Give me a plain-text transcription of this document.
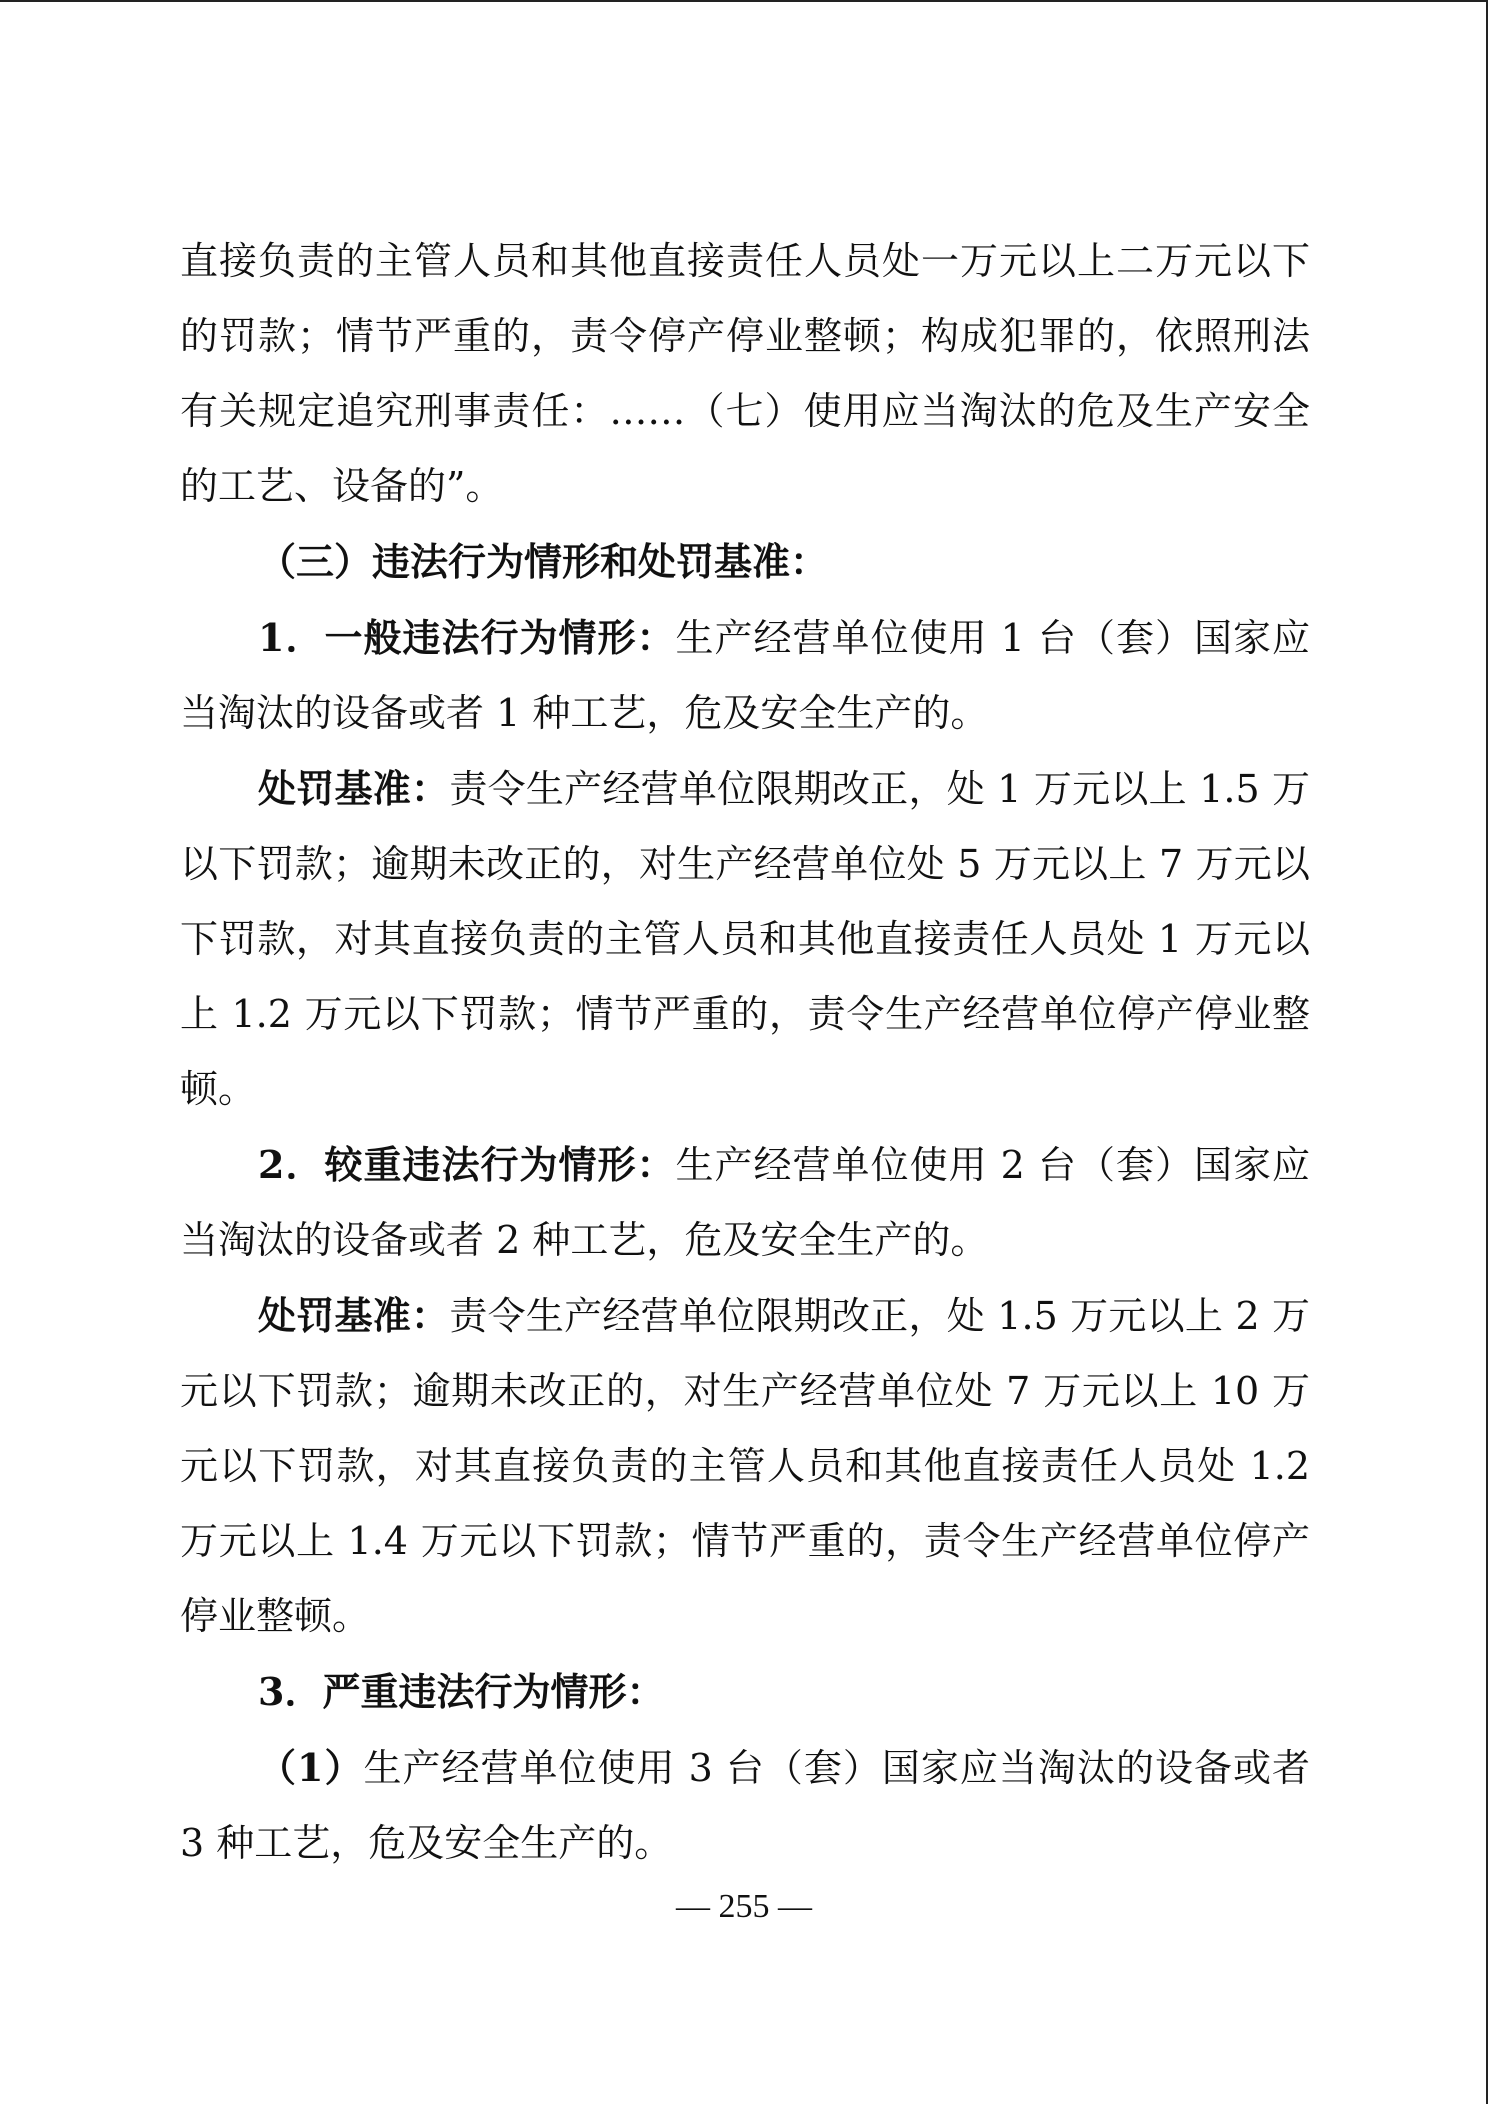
直接负责的主管人员和其他直接责任人员处一万元以上二万元以下的罚款；情节严重的，责令停产停业整顿；构成犯罪的，依照刑法有关规定追究刑事责任：……（七）使用应当淘汰的危及生产安全的工艺、设备的”。

（三）违法行为情形和处罚基准：

1．一般违法行为情形：生产经营单位使用 1 台（套）国家应当淘汰的设备或者 1 种工艺，危及安全生产的。

处罚基准：责令生产经营单位限期改正，处 1 万元以上 1.5 万以下罚款；逾期未改正的，对生产经营单位处 5 万元以上 7 万元以下罚款，对其直接负责的主管人员和其他直接责任人员处 1 万元以上 1.2 万元以下罚款；情节严重的，责令生产经营单位停产停业整顿。

2．较重违法行为情形：生产经营单位使用 2 台（套）国家应当淘汰的设备或者 2 种工艺，危及安全生产的。

处罚基准：责令生产经营单位限期改正，处 1.5 万元以上 2 万元以下罚款；逾期未改正的，对生产经营单位处 7 万元以上 10 万元以下罚款，对其直接负责的主管人员和其他直接责任人员处 1.2 万元以上 1.4 万元以下罚款；情节严重的，责令生产经营单位停产停业整顿。

3．严重违法行为情形：

（1）生产经营单位使用 3 台（套）国家应当淘汰的设备或者 3 种工艺，危及安全生产的。

— 255 —
